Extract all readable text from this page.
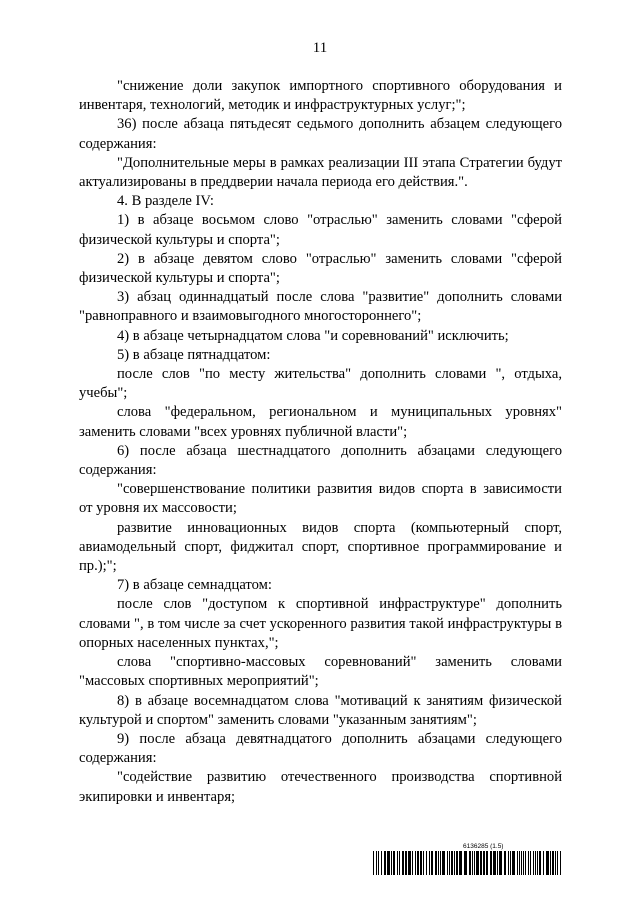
11

"снижение доли закупок импортного спортивного оборудования и инвентаря, технологий, методик и инфраструктурных услуг;";

36) после абзаца пятьдесят седьмого дополнить абзацем следующего содержания:

"Дополнительные меры в рамках реализации III этапа Стратегии будут актуализированы в преддверии начала периода его действия.".

4. В разделе IV:

1) в абзаце восьмом слово "отраслью" заменить словами "сферой физической культуры и спорта";

2) в абзаце девятом слово "отраслью" заменить словами "сферой физической культуры и спорта";

3) абзац одиннадцатый после слова "развитие" дополнить словами "равноправного и взаимовыгодного многостороннего";

4) в абзаце четырнадцатом слова "и соревнований" исключить;

5) в абзаце пятнадцатом:

после слов "по месту жительства" дополнить словами ", отдыха, учебы";

слова "федеральном, региональном и муниципальных уровнях" заменить словами "всех уровнях публичной власти";

6) после абзаца шестнадцатого дополнить абзацами следующего содержания:

"совершенствование политики развития видов спорта в зависимости от уровня их массовости;

развитие инновационных видов спорта (компьютерный спорт, авиамодельный спорт, фиджитал спорт, спортивное программирование и пр.);";

7) в абзаце семнадцатом:

после слов "доступом к спортивной инфраструктуре" дополнить словами ", в том числе за счет ускоренного развития такой инфраструктуры в опорных населенных пунктах,";

слова "спортивно-массовых соревнований" заменить словами "массовых спортивных мероприятий";

8) в абзаце восемнадцатом слова "мотиваций к занятиям физической культурой и спортом" заменить словами "указанным занятиям";

9) после абзаца девятнадцатого дополнить абзацами следующего содержания:

"содействие развитию отечественного производства спортивной экипировки и инвентаря;

6136285 (1.5)
